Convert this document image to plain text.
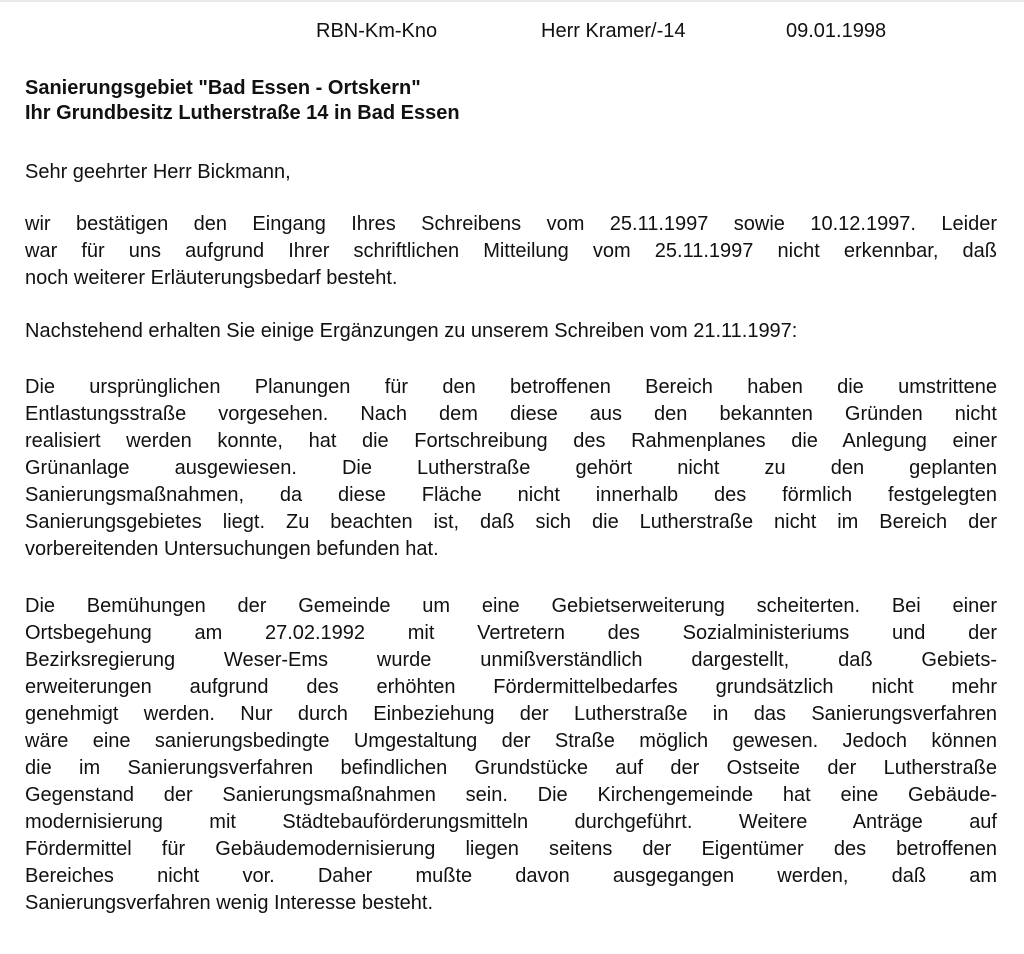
RBN-Km-Kno	Herr Kramer/-14	09.01.1998
Sanierungsgebiet "Bad Essen - Ortskern"
Ihr Grundbesitz Lutherstraße 14 in Bad Essen
Sehr geehrter Herr Bickmann,
wir bestätigen den Eingang Ihres Schreibens vom 25.11.1997 sowie 10.12.1997. Leider
war für uns aufgrund Ihrer schriftlichen Mitteilung vom 25.11.1997 nicht erkennbar, daß
noch weiterer Erläuterungsbedarf besteht.
Nachstehend erhalten Sie einige Ergänzungen zu unserem Schreiben vom 21.11.1997:
Die ursprünglichen Planungen für den betroffenen Bereich haben die umstrittene
Entlastungsstraße vorgesehen. Nach dem diese aus den bekannten Gründen nicht
realisiert werden konnte, hat die Fortschreibung des Rahmenplanes die Anlegung einer
Grünanlage ausgewiesen. Die Lutherstraße gehört nicht zu den geplanten
Sanierungsmaßnahmen, da diese Fläche nicht innerhalb des förmlich festgelegten
Sanierungsgebietes liegt. Zu beachten ist, daß sich die Lutherstraße nicht im Bereich der
vorbereitenden Untersuchungen befunden hat.
Die Bemühungen der Gemeinde um eine Gebietserweiterung scheiterten. Bei einer
Ortsbegehung am 27.02.1992 mit Vertretern des Sozialministeriums und der
Bezirksregierung Weser-Ems wurde unmißverständlich dargestellt, daß Gebiets-
erweiterungen aufgrund des erhöhten Fördermittelbedarfes grundsätzlich nicht mehr
genehmigt werden. Nur durch Einbeziehung der Lutherstraße in das Sanierungsverfahren
wäre eine sanierungsbedingte Umgestaltung der Straße möglich gewesen. Jedoch können
die im Sanierungsverfahren befindlichen Grundstücke auf der Ostseite der Lutherstraße
Gegenstand der Sanierungsmaßnahmen sein. Die Kirchengemeinde hat eine Gebäude-
modernisierung mit Städtebauförderungsmitteln durchgeführt. Weitere Anträge auf
Fördermittel für Gebäudemodernisierung liegen seitens der Eigentümer des betroffenen
Bereiches nicht vor. Daher mußte davon ausgegangen werden, daß am
Sanierungsverfahren wenig Interesse besteht.
